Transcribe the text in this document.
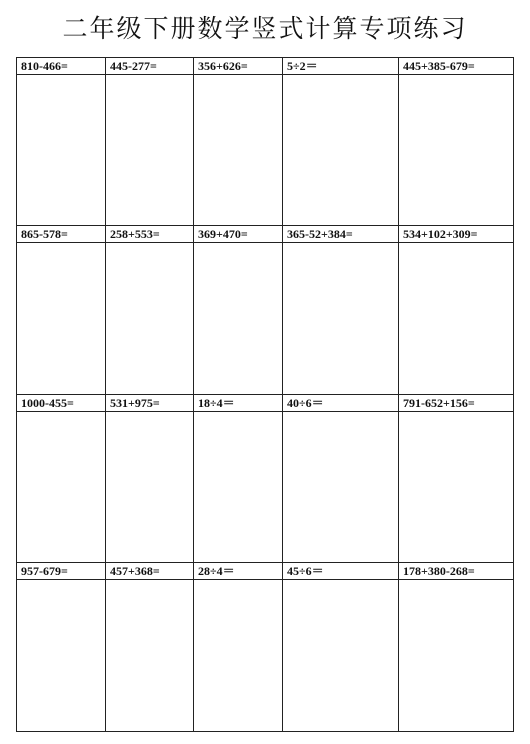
二年级下册数学竖式计算专项练习
810-466=	445-277=	356+626=	5÷2＝	445+385-679=
865-578=	258+553=	369+470=	365-52+384=	534+102+309=
1000-455=	531+975=	18÷4＝	40÷6＝	791-652+156=
957-679=	457+368=	28÷4＝	45÷6＝	178+380-268=
